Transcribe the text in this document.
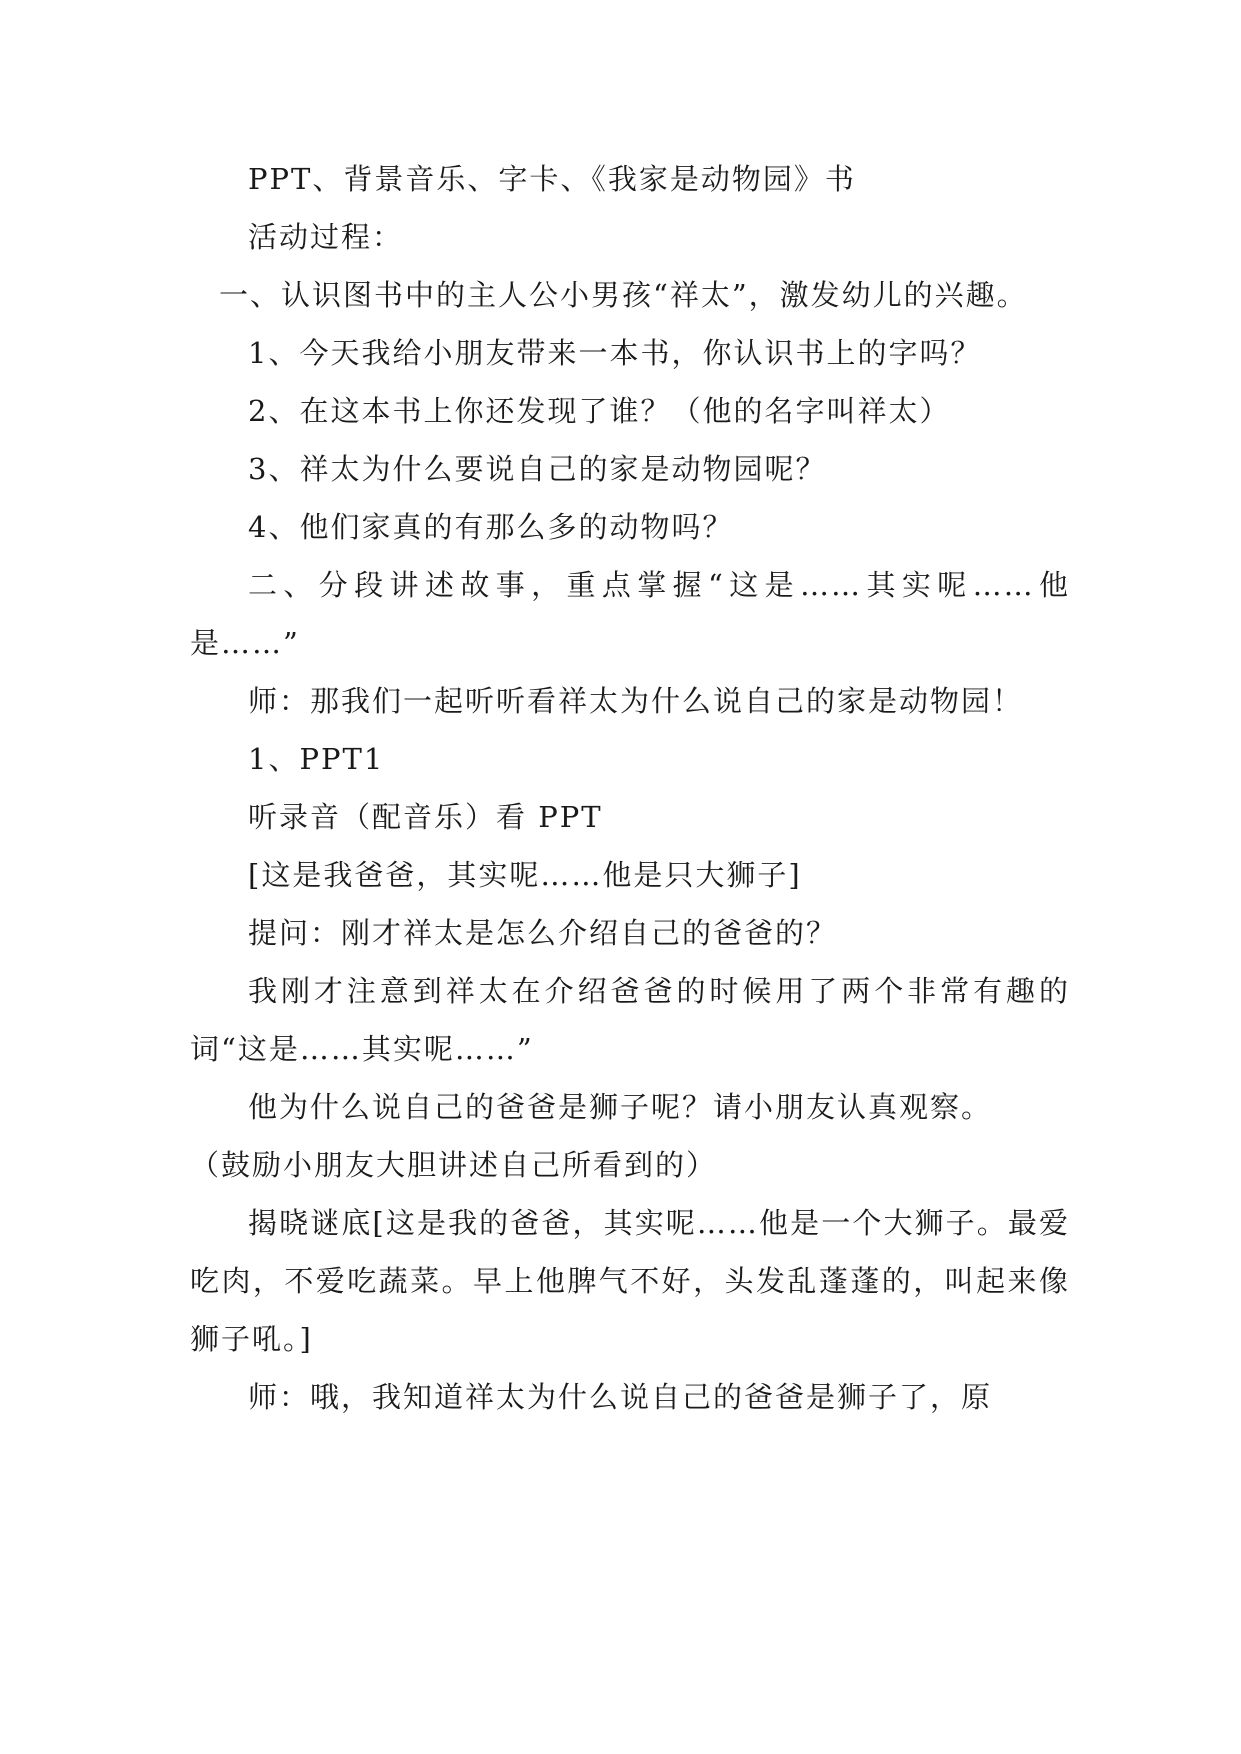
PPT、背景音乐、字卡、《我家是动物园》书

活动过程：

一、认识图书中的主人公小男孩“祥太”，激发幼儿的兴趣。

1、今天我给小朋友带来一本书，你认识书上的字吗？

2、在这本书上你还发现了谁？（他的名字叫祥太）

3、祥太为什么要说自己的家是动物园呢？

4、他们家真的有那么多的动物吗？

二、分段讲述故事，重点掌握“这是……其实呢……他是……”

师：那我们一起听听看祥太为什么说自己的家是动物园！

1、PPT1

听录音（配音乐）看 PPT

[这是我爸爸，其实呢……他是只大狮子]

提问：刚才祥太是怎么介绍自己的爸爸的？

我刚才注意到祥太在介绍爸爸的时候用了两个非常有趣的词“这是……其实呢……”

他为什么说自己的爸爸是狮子呢？请小朋友认真观察。

（鼓励小朋友大胆讲述自己所看到的）

揭晓谜底[这是我的爸爸，其实呢……他是一个大狮子。最爱吃肉，不爱吃蔬菜。早上他脾气不好，头发乱蓬蓬的，叫起来像狮子吼。]

师：哦，我知道祥太为什么说自己的爸爸是狮子了，原
